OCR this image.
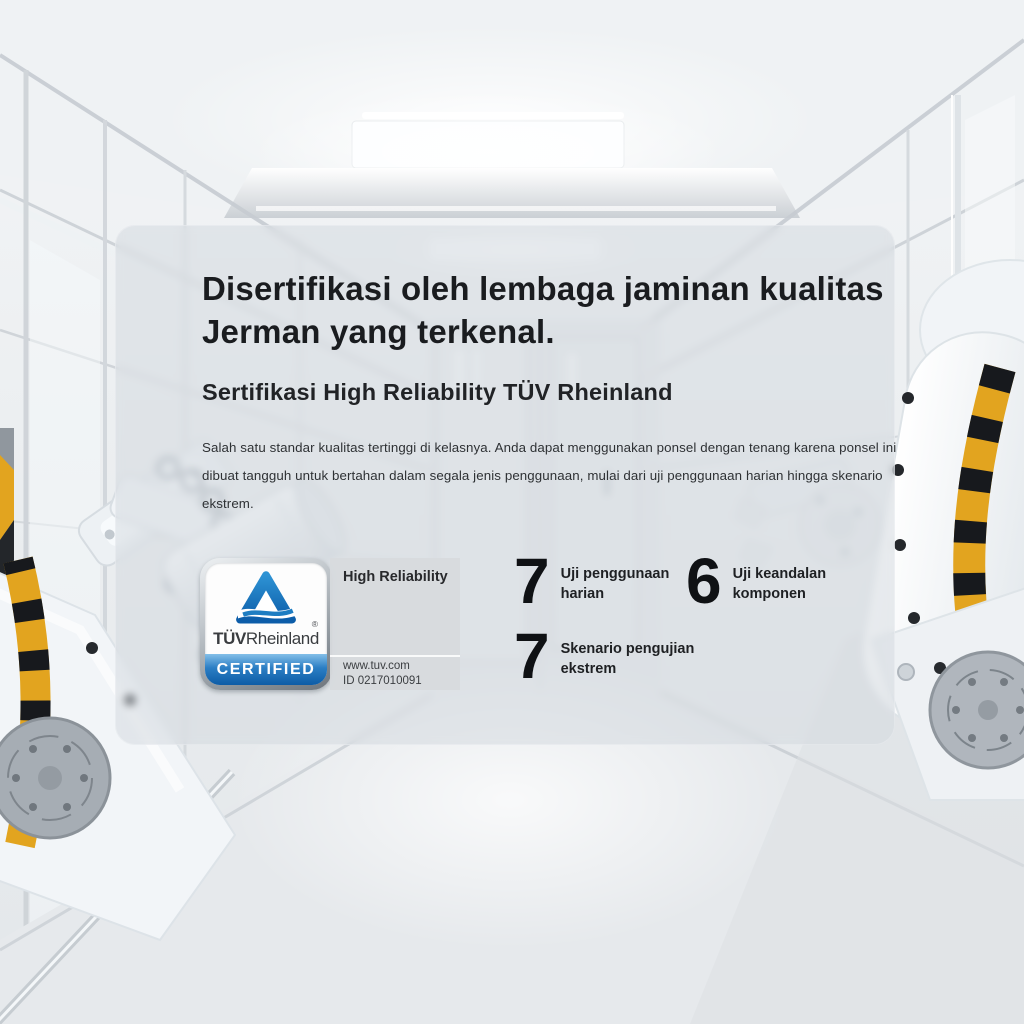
Disertifikasi oleh lembaga jaminan kualitas Jerman yang terkenal.
Sertifikasi High Reliability TÜV Rheinland

Salah satu standar kualitas tertinggi di kelasnya. Anda dapat menggunakan ponsel dengan tenang karena ponsel ini
dibuat tangguh untuk bertahan dalam segala jenis penggunaan, mulai dari uji penggunaan harian hingga skenario ekstrem.

TÜVRheinland
®
CERTIFIED
High Reliability
www.tuv.com
ID 0217010091
7 Uji penggunaan
harian	6 Uji keandalan
komponen
7 Skenario pengujian
ekstrem
